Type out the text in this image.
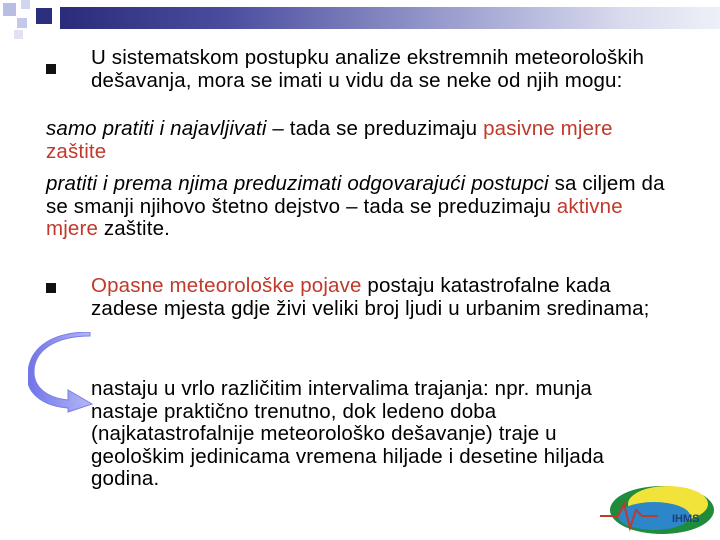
U sistematskom postupku analize ekstremnih meteoroloških dešavanja, mora se imati u vidu da se neke od njih mogu:
samo pratiti i najavljivati – tada se preduzimaju pasivne mjere zaštite
pratiti i prema njima preduzimati odgovarajući postupci sa ciljem da se smanji njihovo štetno dejstvo – tada se preduzimaju aktivne mjere zaštite.
Opasne meteorološke pojave postaju katastrofalne kada zadese mjesta gdje živi veliki broj ljudi u urbanim sredinama;
nastaju u vrlo različitim intervalima trajanja: npr. munja nastaje praktično trenutno, dok ledeno doba (najkatastrofalnije meteorološko dešavanje) traje u geološkim jedinicama vremena hiljade i desetine hiljada godina.
IHMS
